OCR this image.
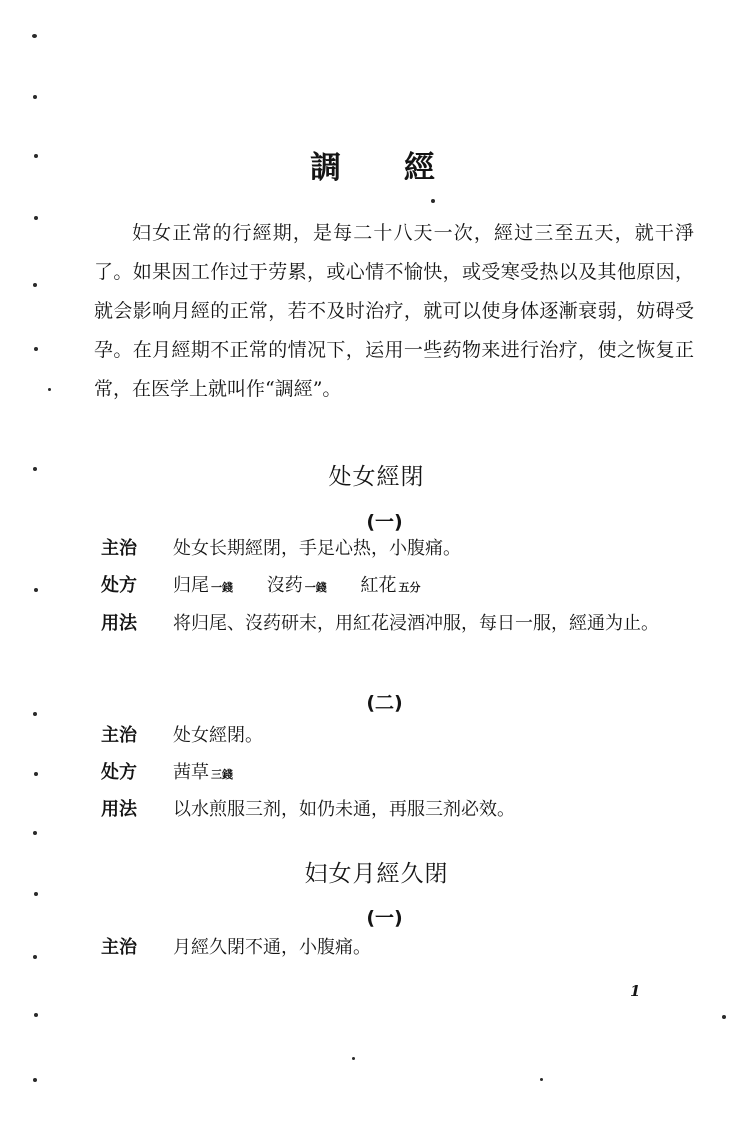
調 經

妇女正常的行經期，是每二十八天一次，經过三至五天，就干淨了。如果因工作过于劳累，或心情不愉快，或受寒受热以及其他原因，就会影响月經的正常，若不及时治疗，就可以使身体逐漸衰弱，妨碍受孕。在月經期不正常的情况下，运用一些药物来进行治疗，使之恢复正常，在医学上就叫作“調經”。

处女經閉
(一)
主治	处女长期經閉，手足心热，小腹痛。
处方	归尾 一錢 沒药 一錢 紅花 五分
用法	将归尾、沒药研末，用紅花浸酒冲服，每日一服，經通为止。
(二)
主治	处女經閉。
处方	茜草 三錢
用法	以水煎服三剂，如仍未通，再服三剂必效。
妇女月經久閉
(一)
主治	月經久閉不通，小腹痛。
1
